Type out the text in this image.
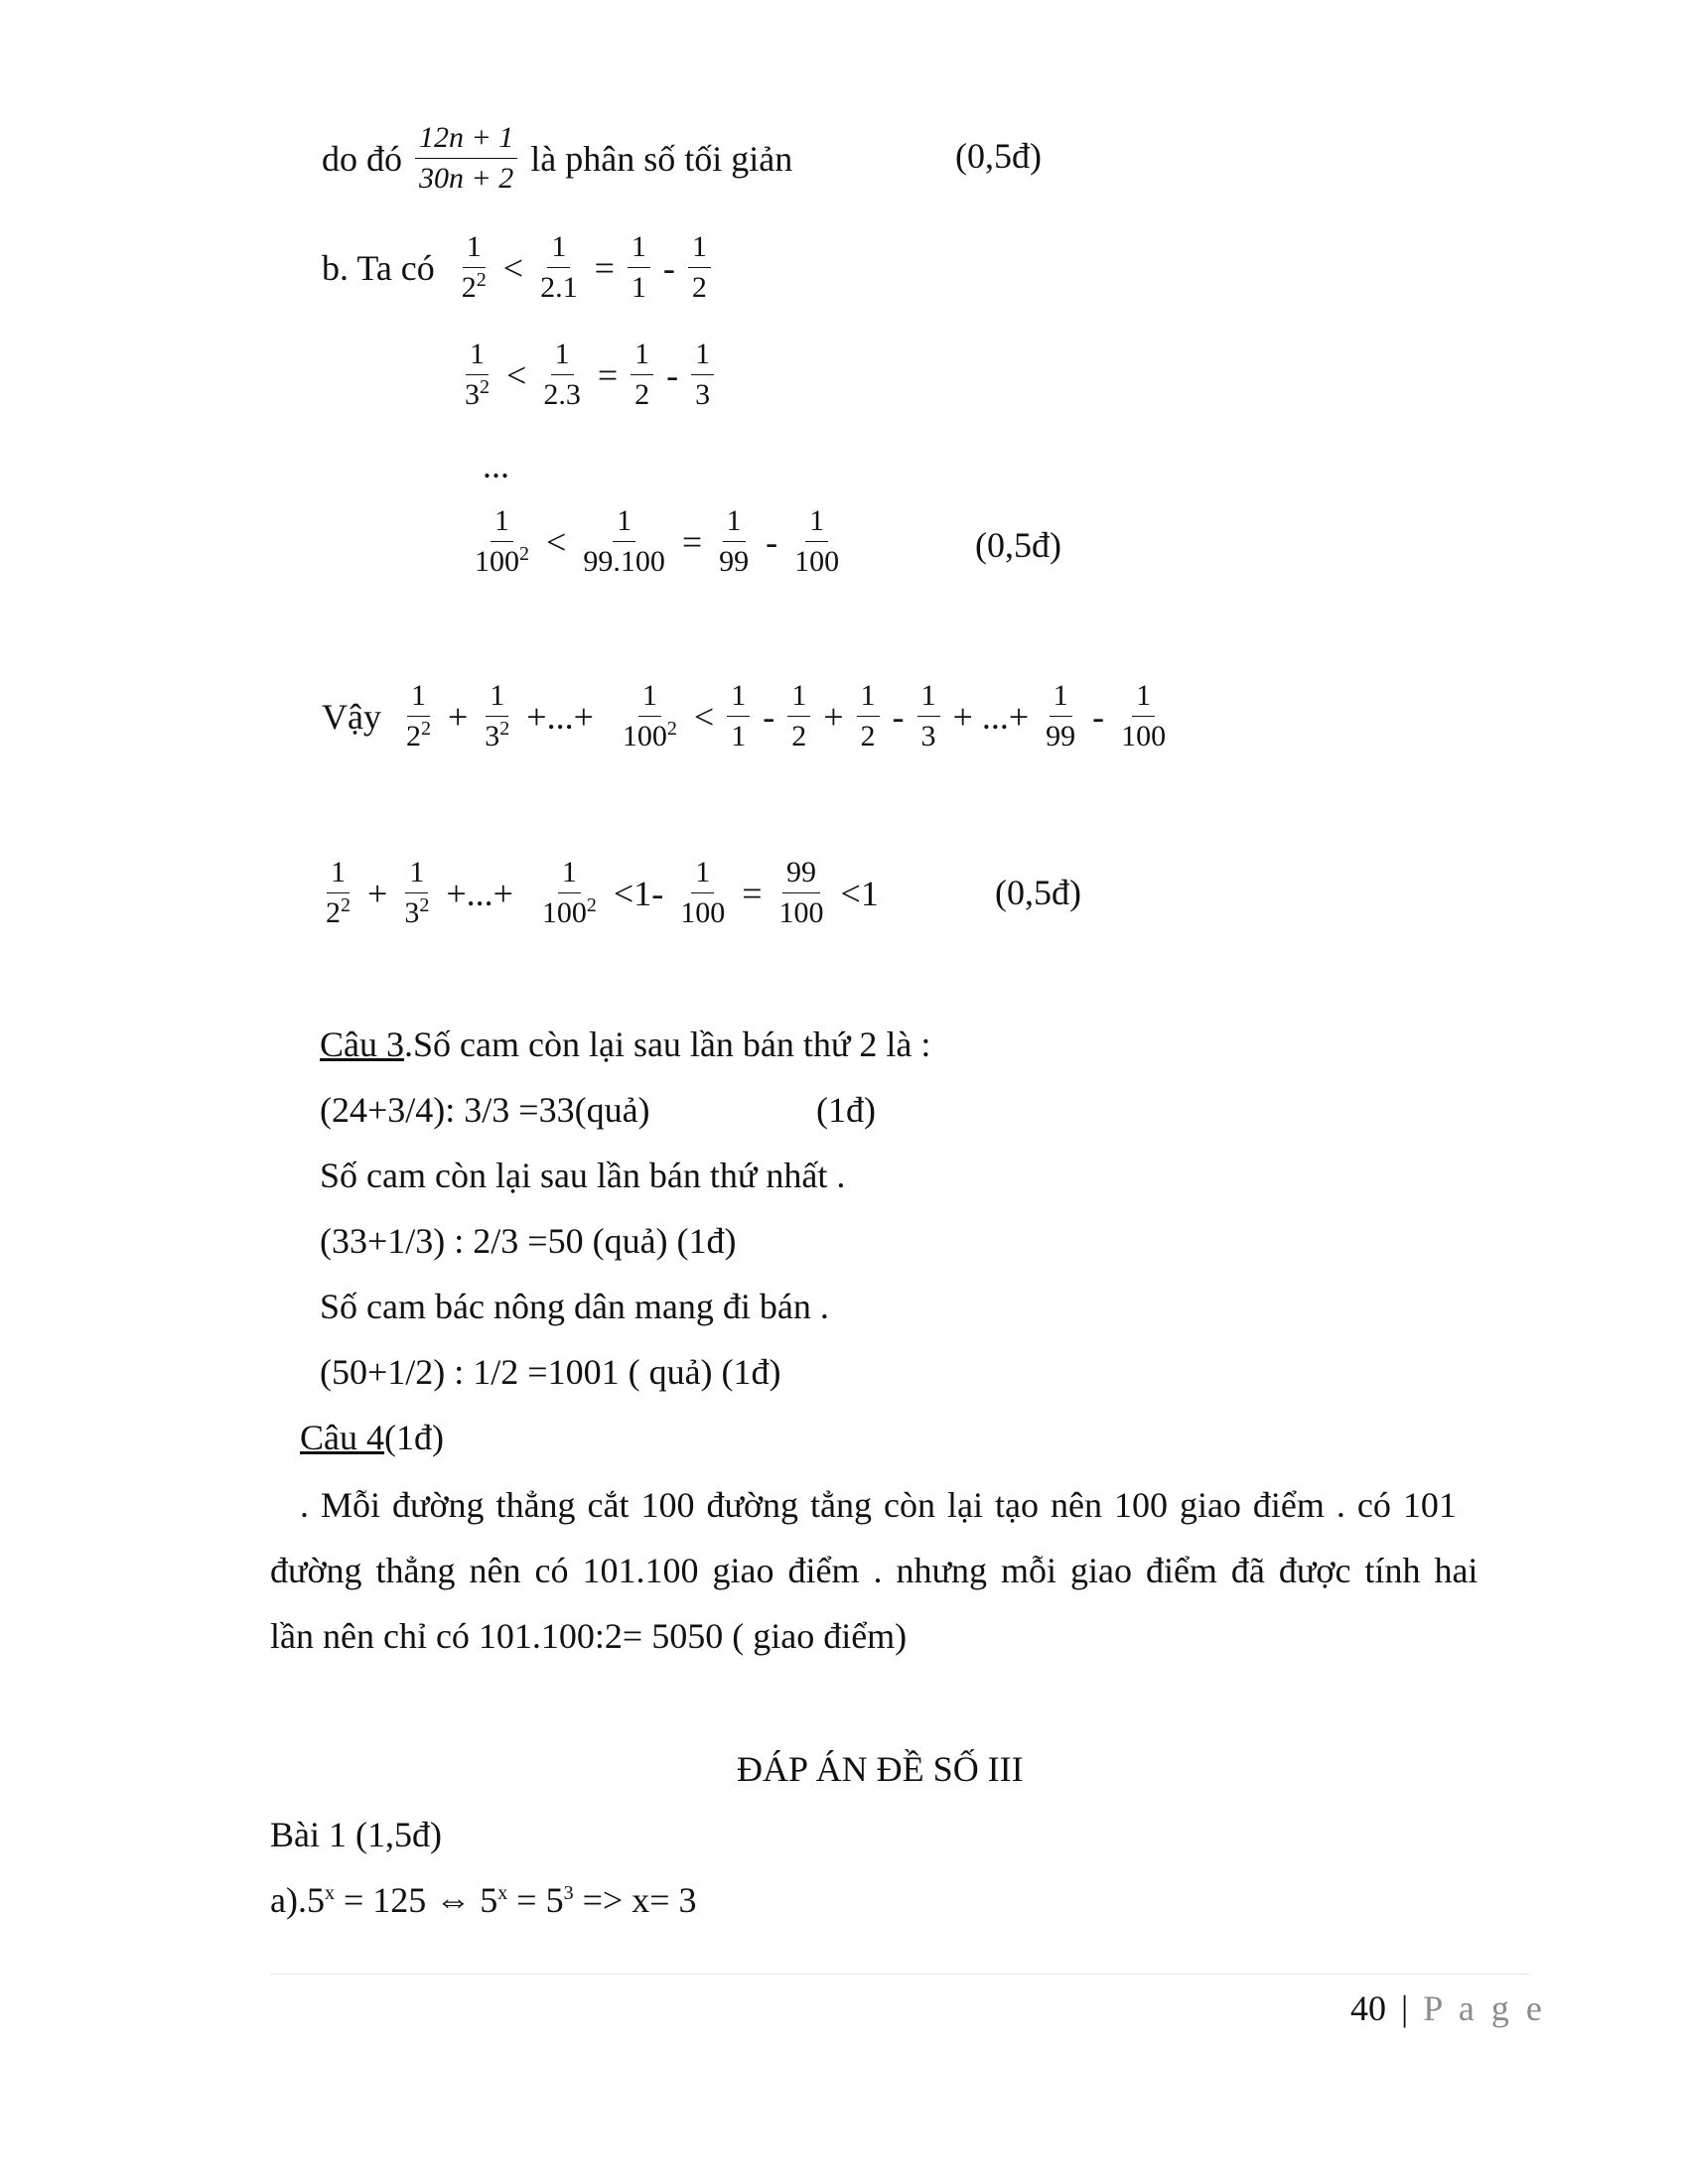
do đó $\frac{12n + 1}{30n + 2}$ là phân số tối giản	(0,5đ)
b. Ta có $\frac{1}{2^2} < \frac{1}{2.1} = \frac{1}{1} - \frac{1}{2}$
$\frac{1}{3^2} < \frac{1}{2.3} = \frac{1}{2} - \frac{1}{3}$
...
$\frac{1}{100^2} < \frac{1}{99.100} = \frac{1}{99} - \frac{1}{100}$	(0,5đ)
Vậy $\frac{1}{2^2} + \frac{1}{3^2}$ +...+ $\frac{1}{100^2} < \frac{1}{1} - \frac{1}{2} + \frac{1}{2} - \frac{1}{3}$ + ...+ $\frac{1}{99} - \frac{1}{100}$
$\frac{1}{2^2} + \frac{1}{3^2}$ +...+ $\frac{1}{100^2} <1- \frac{1}{100} = \frac{99}{100} <1$	(0,5đ)
Câu 3.Số cam còn lại sau lần bán thứ 2 là :
(24+3/4): 3/3 =33(quả)	(1đ)
Số cam còn lại sau lần bán thứ nhất .
(33+1/3) : 2/3 =50 (quả) (1đ)
Số cam bác nông dân mang đi bán .
(50+1/2) : 1/2 =1001 ( quả) (1đ)
Câu 4(1đ)
. Mỗi đường thẳng cắt 100 đường tẳng còn lại tạo nên 100 giao điểm . có 101
đường thẳng nên có 101.100 giao điểm . nhưng mỗi giao điểm đã được tính hai
lần nên chỉ có 101.100:2= 5050 ( giao điểm)
ĐÁP ÁN ĐỀ SỐ III
Bài 1 (1,5đ)
$a).5^x = 125$ ⇔ $5^x = 5^3 => x= 3$
40 | P a g e
